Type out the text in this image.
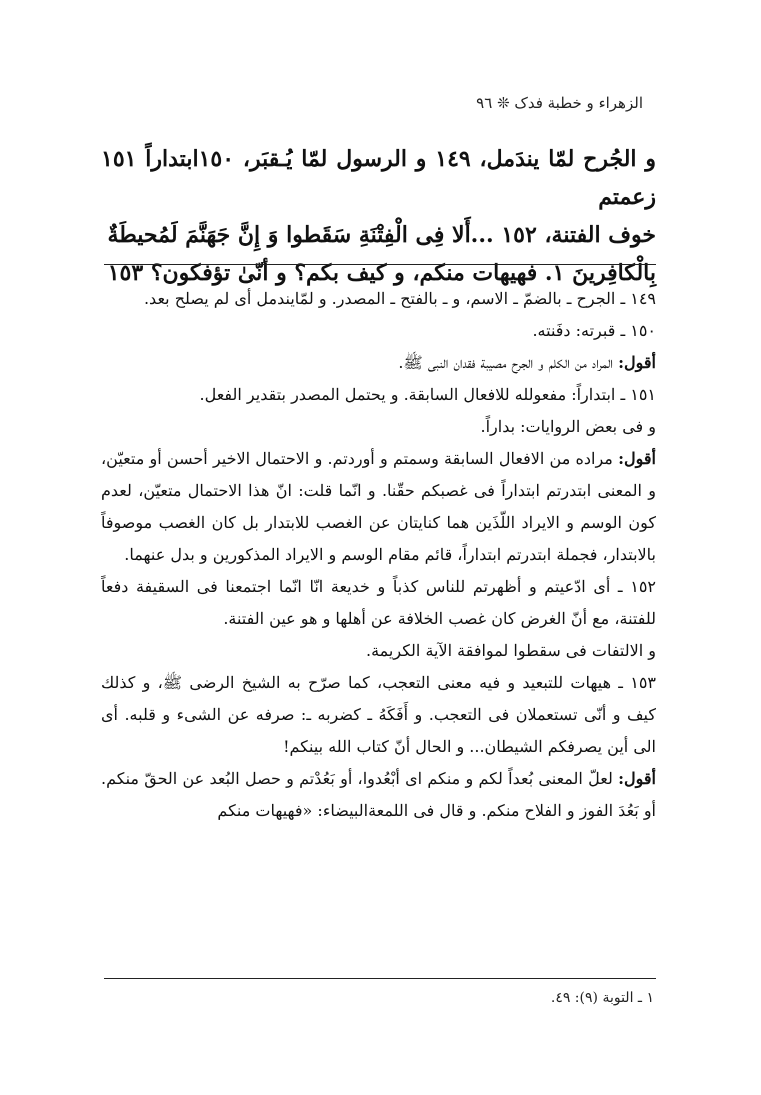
الزهراء و خطبة فدک ❊ ٩٦

و الجُرح لمّا يندَمل، ١٤٩ و الرسول لمّا يُـقبَر، ١٥٠ابتداراً ١٥١ زعمتم

خوف الفتنة، ١٥٢ ...أَلا فِى الْفِتْنَةِ سَقَطوا وَ إِنَّ جَهَنَّمَ لَمُحيطَةٌ

بِالْكافِرينَ ١. فهيهات منكم، و كيف بكم؟ و أنّىٰ تؤفكون؟ ١٥٣

١٤٩ ـ الجرح ـ بالضمّ ـ الاسم، و ـ بالفتح ـ المصدر. و لمّايندمل أى لم يصلح بعد.

١٥٠ ـ قبرته: دفَنته.

أقول: المراد من الكلم و الجرح مصيبة فقدان النبى ﷺ.

١٥١ ـ ابتداراً: مفعولله للافعال السابقة. و يحتمل المصدر بتقدير الفعل.

و فى بعض الروايات: بداراً.

أقول: مراده من الافعال السابقة وسمتم و أوردتم. و الاحتمال الاخير أحسن أو متعيّن، و المعنى ابتدرتم ابتداراً فى غصبكم حقّنا. و انّما قلت: انّ هذا الاحتمال متعيّن، لعدم كون الوسم و الايراد اللّذَين هما كنايتان عن الغصب للابتدار بل كان الغصب موصوفاً بالابتدار، فجملة ابتدرتم ابتداراً، قائم مقام الوسم و الايراد المذكورين و بدل عنهما.

١٥٢ ـ أى ادّعيتم و أظهرتم للناس كذباً و خديعة انّا انّما اجتمعنا فى السقيفة دفعاً للفتنة، مع أنّ الغرض كان غصب الخلافة عن أهلها و هو عين الفتنة.

و الالتفات فى سقطوا لموافقة الآية الكريمة.

١٥٣ ـ هيهات للتبعيد و فيه معنى التعجب، كما صرّح به الشيخ الرضى ﷺ، و كذلك كيف و أنّى تستعملان فى التعجب. و أَفَكَهُ ـ كضربه ـ: صرفه عن الشىء و قلبه. أى الى أين يصرفكم الشيطان... و الحال أنّ كتاب الله بينكم!

أقول: لعلّ المعنى بُعداً لكم و منكم اى أبْعُدوا، أو بَعُدْتم و حصل البُعد عن الحقّ منكم. أو بَعُدَ الفوز و الفلاح منكم. و قال فى اللمعةالبيضاء: «فهيهات منكم

١ ـ التوبة (٩): ٤٩.
